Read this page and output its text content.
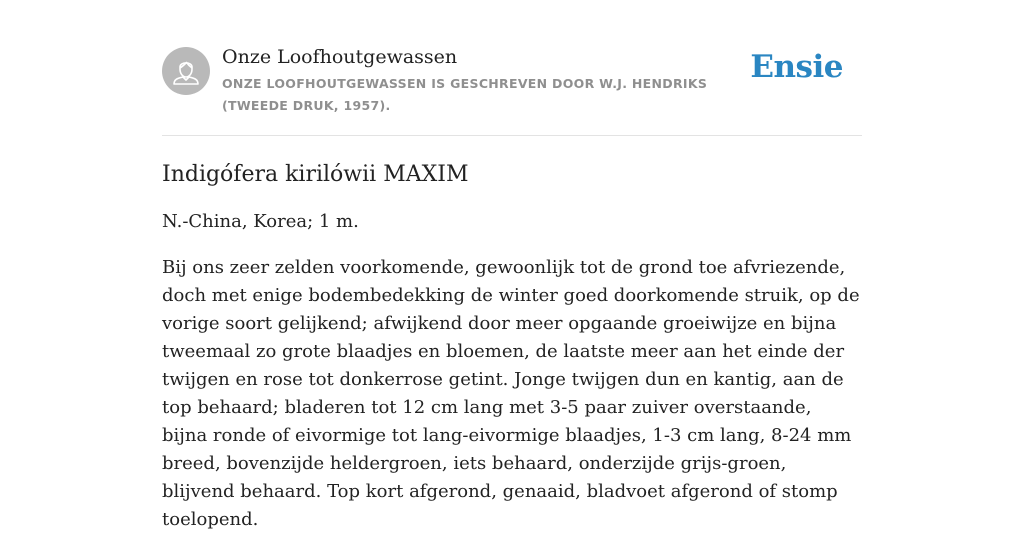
Onze Loofhoutgewassen
ONZE LOOFHOUTGEWASSEN IS GESCHREVEN DOOR W.J. HENDRIKS (TWEEDE DRUK, 1957).
Ensie
Indigófera kirilówii MAXIM

N.-China, Korea; 1 m.

Bij ons zeer zelden voorkomende, gewoonlijk tot de grond toe afvriezende, doch met enige bodembedekking de winter goed doorkomende struik, op de vorige soort gelijkend; afwijkend door meer opgaande groeiwijze en bijna tweemaal zo grote blaadjes en bloemen, de laatste meer aan het einde der twijgen en rose tot donkerrose getint. Jonge twijgen dun en kantig, aan de top behaard; bladeren tot 12 cm lang met 3-5 paar zuiver overstaande, bijna ronde of eivormige tot lang-eivormige blaadjes, 1-3 cm lang, 8-24 mm breed, bovenzijde heldergroen, iets behaard, onderzijde grijs-groen, blijvend behaard. Top kort afgerond, genaaid, bladvoet afgerond of stomp toelopend.
